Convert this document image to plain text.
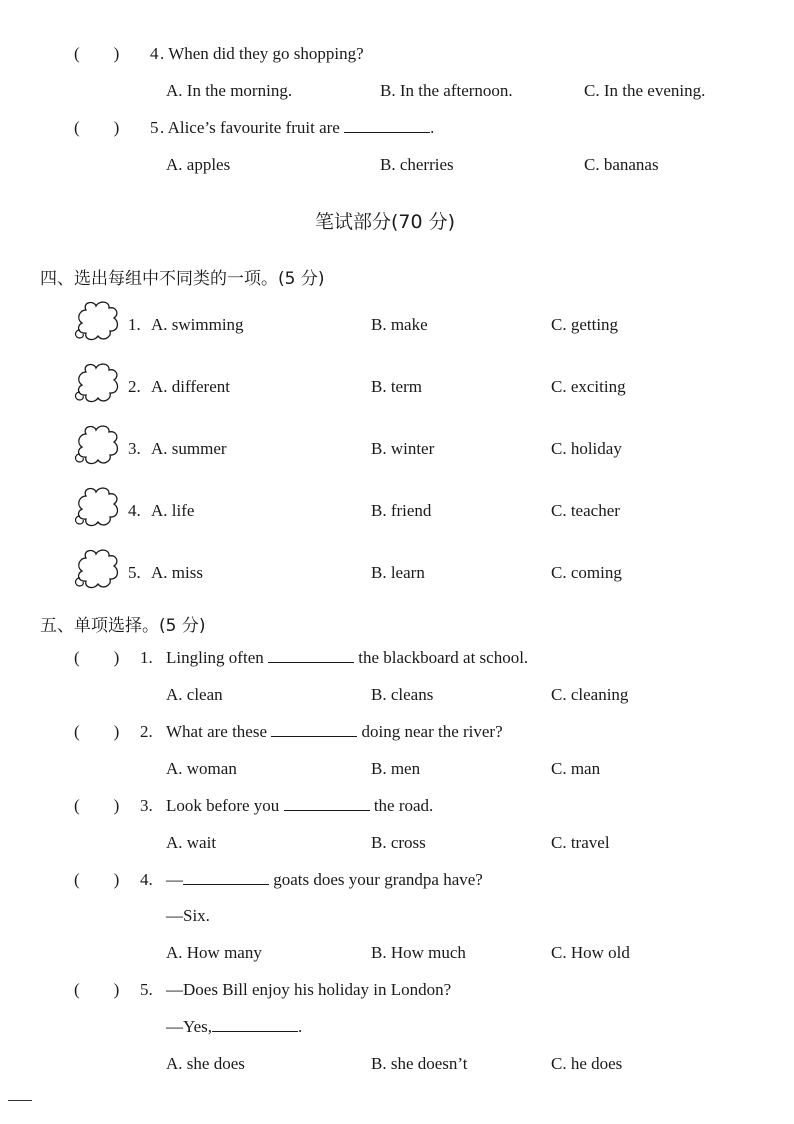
(        ) 4 . When did they go shopping?
A. In the morning.	B. In the afternoon.	C. In the evening.
(        ) 5 . Alice’s favourite fruit are	.
A. apples	B. cherries	C. bananas
笔试部分(70 分)
四、选出每组中不同类的一项。(5 分)
1. A. swimming	B. make	C. getting
2. A. different	B. term	C. exciting
3. A. summer	B. winter	C. holiday
4. A. life	B. friend	C. teacher
5. A. miss	B. learn	C. coming
五、单项选择。(5 分)
(        ) 1. Lingling often	the blackboard at school.
A. clean	B. cleans	C. cleaning
(        ) 2. What are these	doing near the river?
A. woman	B. men	C. man
(        ) 3. Look before you	the road.
A. wait	B. cross	C. travel
(        ) 4. —	goats does your grandpa have?
—Six.
A. How many	B. How much	C. How old
(        ) 5. —Does Bill enjoy his holiday in London?
—Yes,	.
A. she does	B. she doesn’t	C. he does
